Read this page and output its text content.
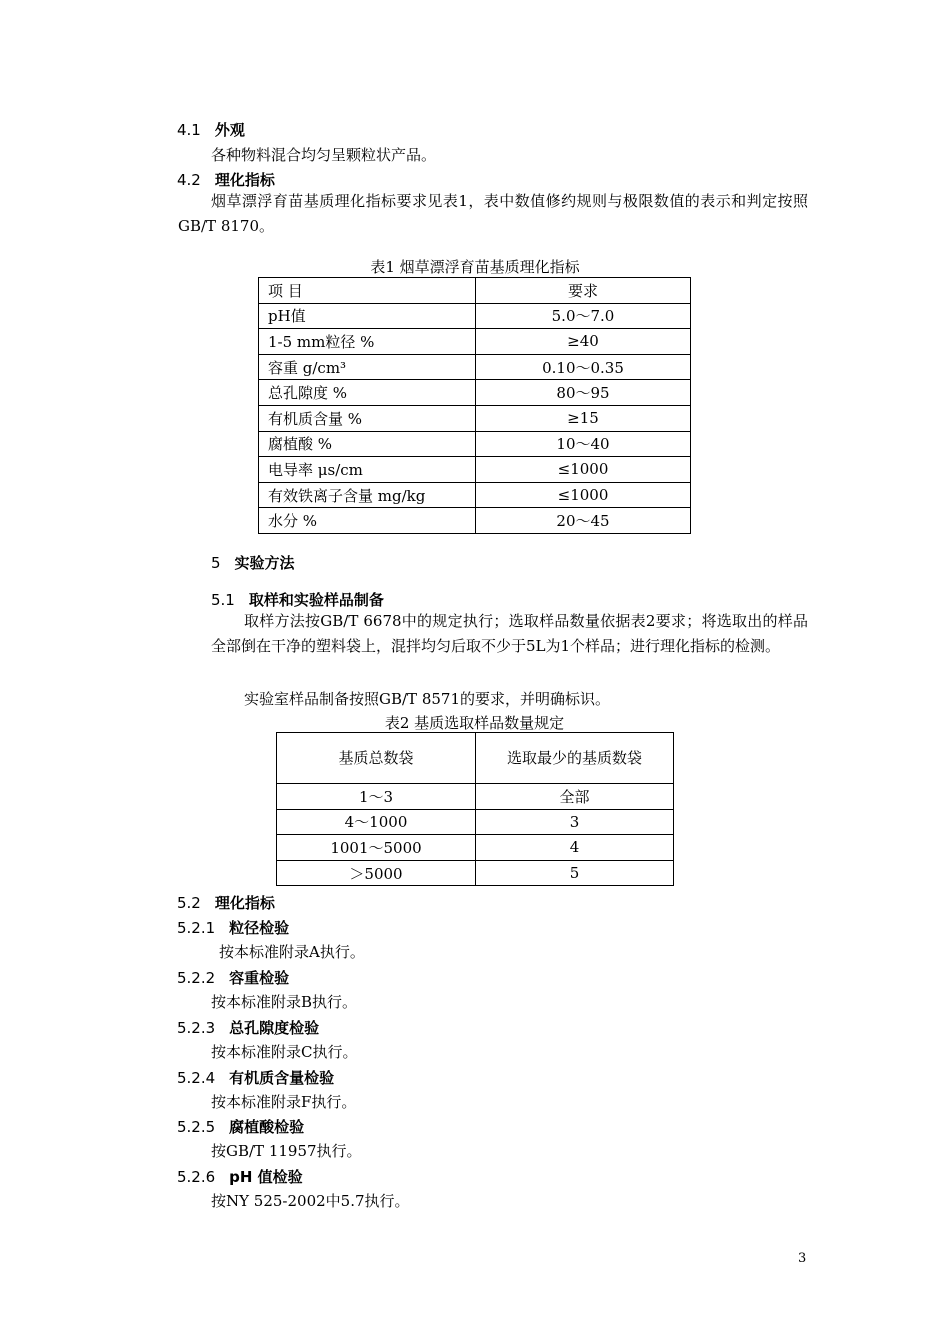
4.1 外观
各种物料混合均匀呈颗粒状产品。
4.2 理化指标
烟草漂浮育苗基质理化指标要求见表1，表中数值修约规则与极限数值的表示和判定按照GB/T 8170。
表1 烟草漂浮育苗基质理化指标
项 目	要求
pH值	5.0～7.0
1-5 mm粒径 %	≥40
容重 g/cm³	0.10～0.35
总孔隙度 %	80～95
有机质含量 %	≥15
腐植酸 %	10～40
电导率 μs/cm	≤1000
有效铁离子含量 mg/kg	≤1000
水分 %	20～45
5 实验方法
5.1 取样和实验样品制备
取样方法按GB/T 6678中的规定执行；选取样品数量依据表2要求；将选取出的样品全部倒在干净的塑料袋上，混拌均匀后取不少于5L为1个样品；进行理化指标的检测。
实验室样品制备按照GB/T 8571的要求，并明确标识。
表2 基质选取样品数量规定
基质总数袋	选取最少的基质数袋
1～3	全部
4～1000	3
1001～5000	4
＞5000	5
5.2 理化指标
5.2.1 粒径检验
按本标准附录A执行。
5.2.2 容重检验
按本标准附录B执行。
5.2.3 总孔隙度检验
按本标准附录C执行。
5.2.4 有机质含量检验
按本标准附录F执行。
5.2.5 腐植酸检验
按GB/T 11957执行。
5.2.6 pH 值检验
按NY 525-2002中5.7执行。
3
